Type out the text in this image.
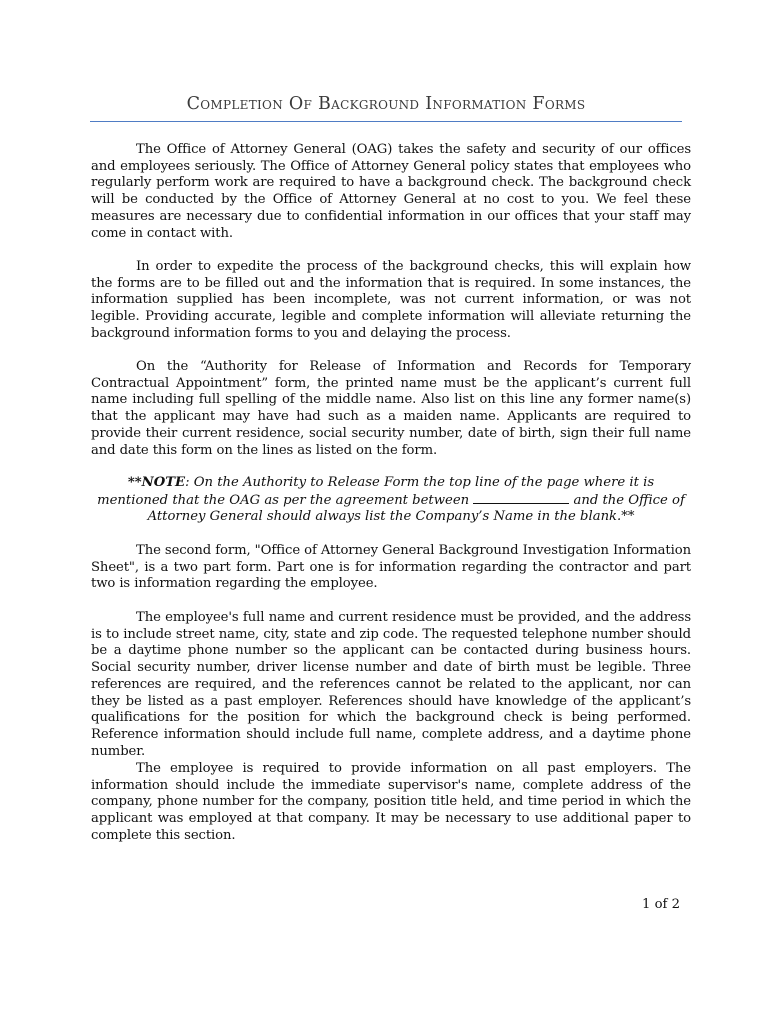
Completion Of Background Information Forms

The Office of Attorney General (OAG) takes the safety and security of our offices and employees seriously. The Office of Attorney General policy states that employees who regularly perform work are required to have a background check. The background check will be conducted by the Office of Attorney General at no cost to you. We feel these measures are necessary due to confidential information in our offices that your staff may come in contact with.

In order to expedite the process of the background checks, this will explain how the forms are to be filled out and the information that is required. In some instances, the information supplied has been incomplete, was not current information, or was not legible. Providing accurate, legible and complete information will alleviate returning the background information forms to you and delaying the process.

On the “Authority for Release of Information and Records for Temporary Contractual Appointment” form, the printed name must be the applicant’s current full name including full spelling of the middle name. Also list on this line any former name(s) that the applicant may have had such as a maiden name. Applicants are required to provide their current residence, social security number, date of birth, sign their full name and date this form on the lines as listed on the form.

**NOTE: On the Authority to Release Form the top line of the page where it is mentioned that the OAG as per the agreement between	and the Office of Attorney General should always list the Company’s Name in the blank.**

The second form, "Office of Attorney General Background Investigation Information Sheet", is a two part form. Part one is for information regarding the contractor and part two is information regarding the employee.

The employee's full name and current residence must be provided, and the address is to include street name, city, state and zip code. The requested telephone number should be a daytime phone number so the applicant can be contacted during business hours. Social security number, driver license number and date of birth must be legible. Three references are required, and the references cannot be related to the applicant, nor can they be listed as a past employer. References should have knowledge of the applicant’s qualifications for the position for which the background check is being performed. Reference information should include full name, complete address, and a daytime phone number.

The employee is required to provide information on all past employers. The information should include the immediate supervisor's name, complete address of the company, phone number for the company, position title held, and time period in which the applicant was employed at that company. It may be necessary to use additional paper to complete this section.

1 of 2
